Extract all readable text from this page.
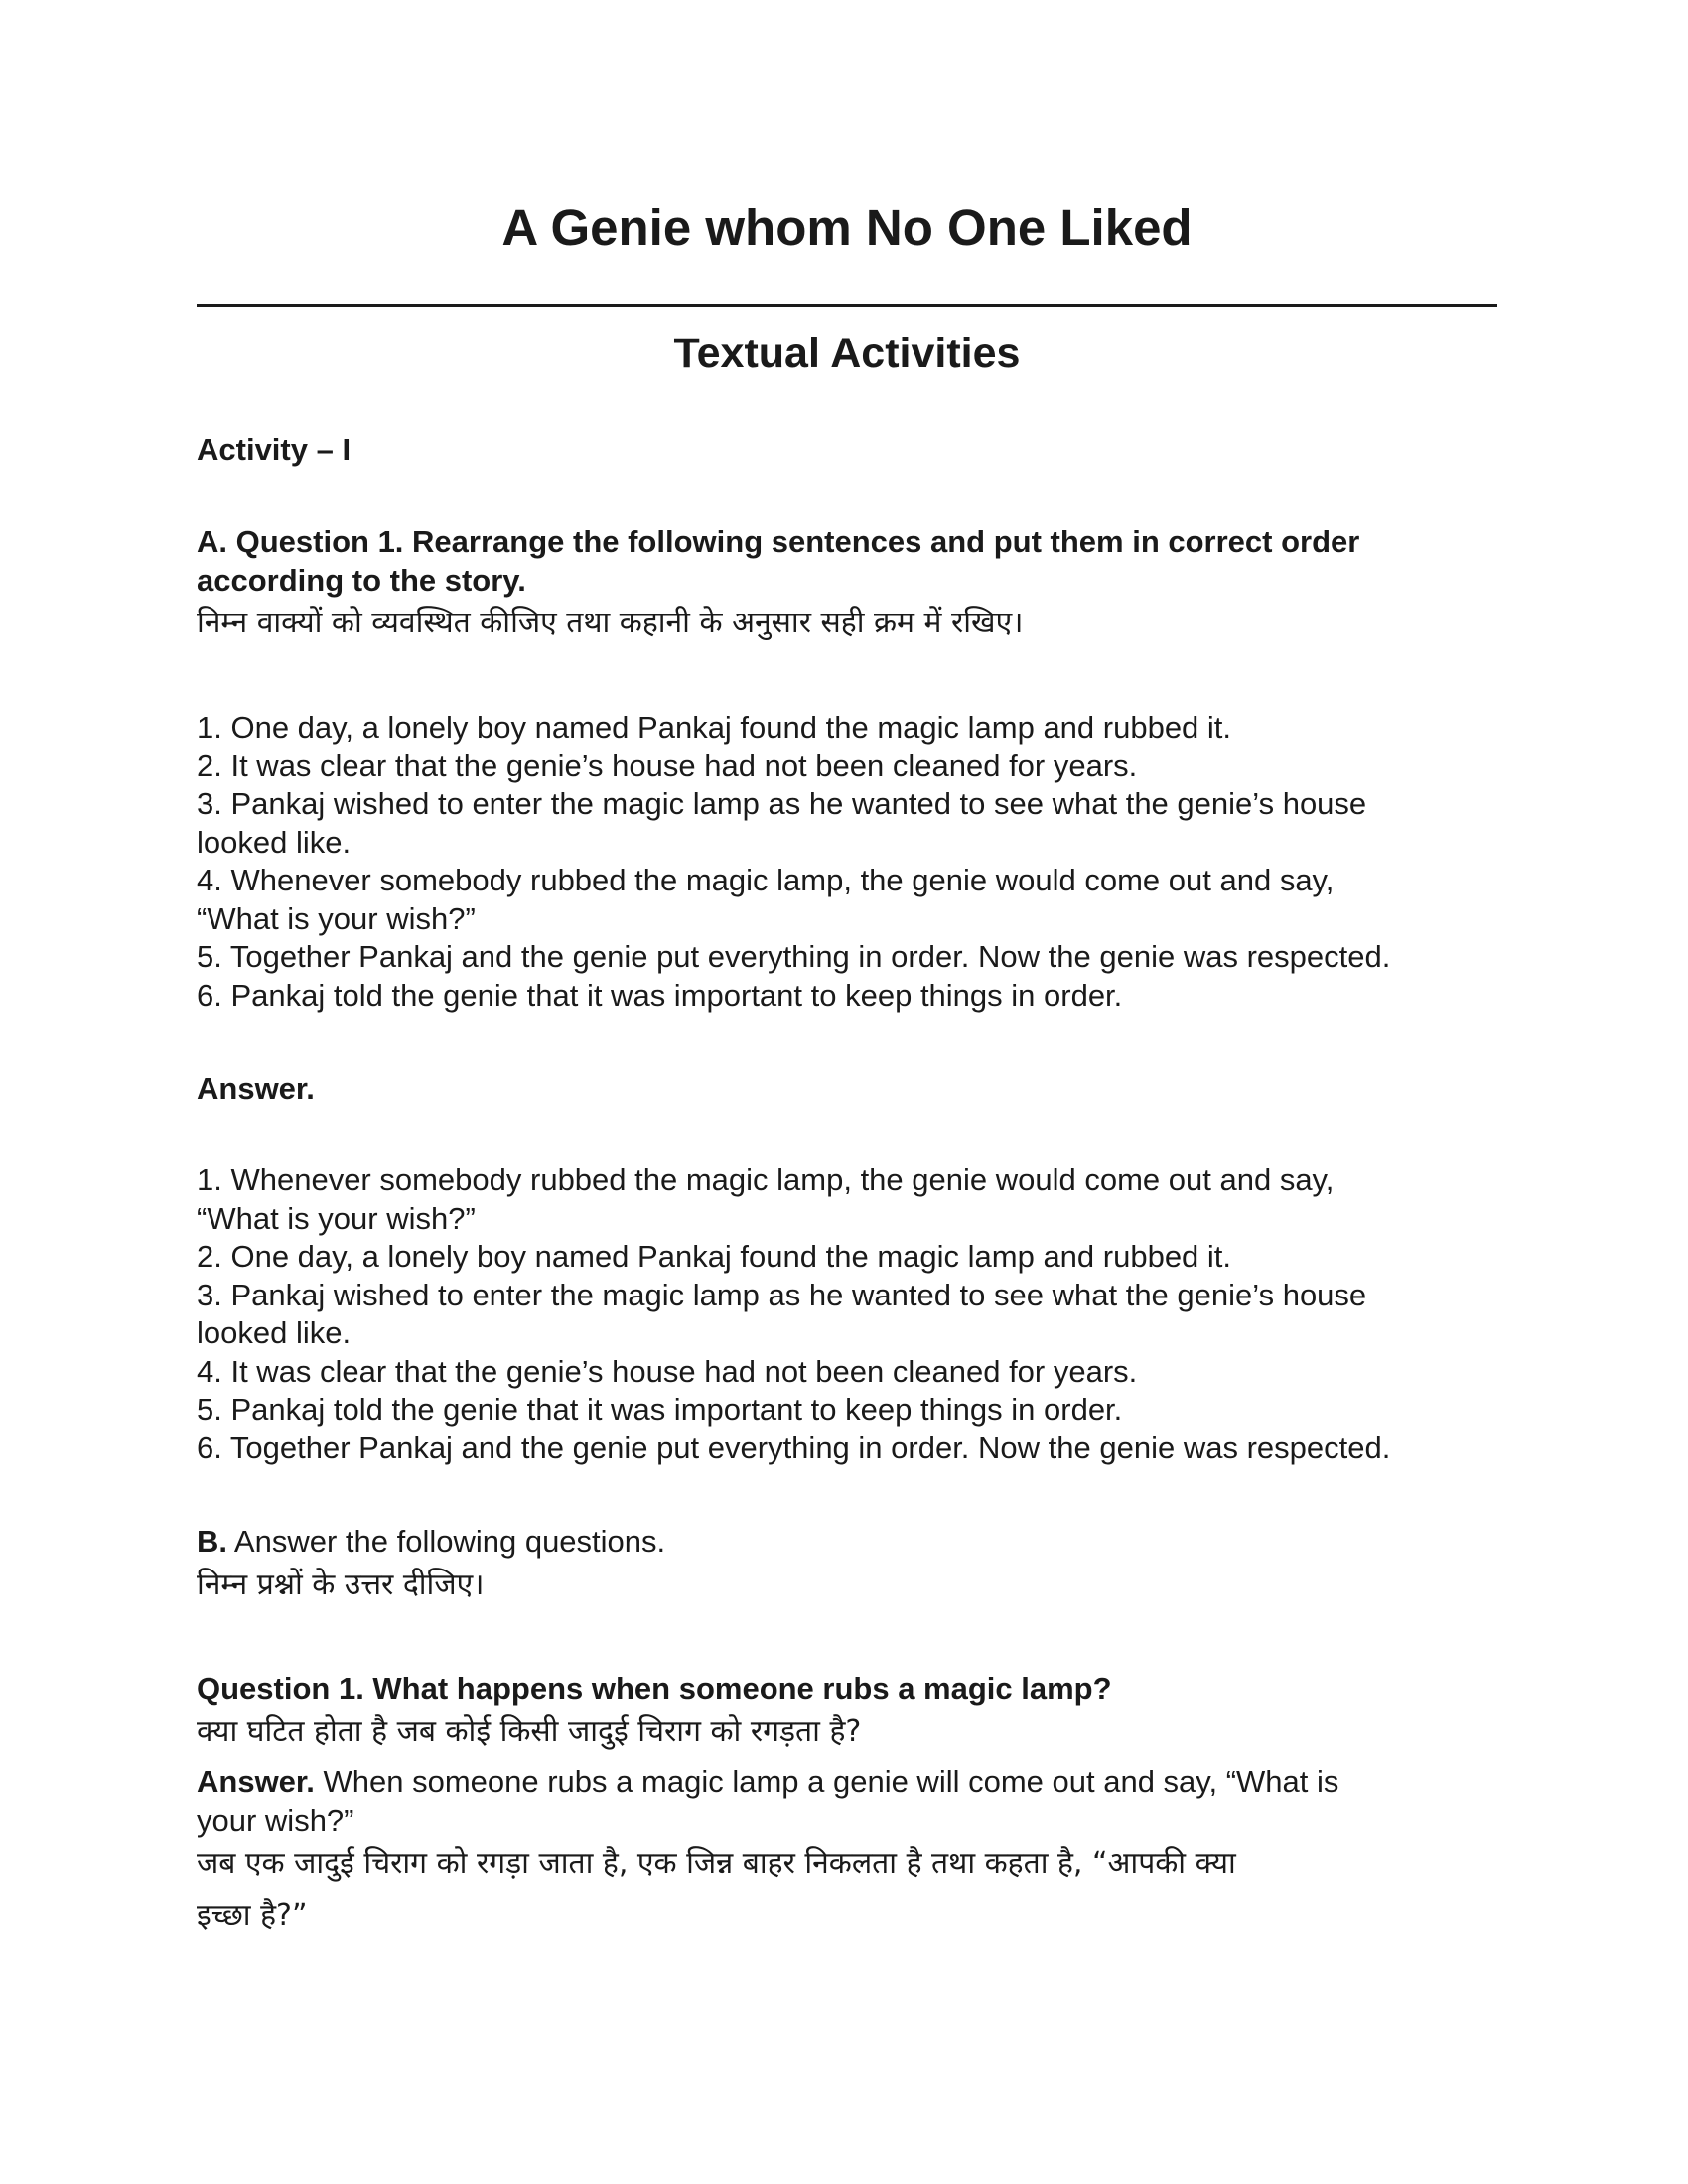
A Genie whom No One Liked
Textual Activities
Activity – I
A. Question 1. Rearrange the following sentences and put them in correct order
according to the story.
निम्न वाक्यों को व्यवस्थित कीजिए तथा कहानी के अनुसार सही क्रम में रखिए।
1. One day, a lonely boy named Pankaj found the magic lamp and rubbed it.
2. It was clear that the genie’s house had not been cleaned for years.
3. Pankaj wished to enter the magic lamp as he wanted to see what the genie’s house
looked like.
4. Whenever somebody rubbed the magic lamp, the genie would come out and say,
“What is your wish?”
5. Together Pankaj and the genie put everything in order. Now the genie was respected.
6. Pankaj told the genie that it was important to keep things in order.
Answer.
1. Whenever somebody rubbed the magic lamp, the genie would come out and say,
“What is your wish?”
2. One day, a lonely boy named Pankaj found the magic lamp and rubbed it.
3. Pankaj wished to enter the magic lamp as he wanted to see what the genie’s house
looked like.
4. It was clear that the genie’s house had not been cleaned for years.
5. Pankaj told the genie that it was important to keep things in order.
6. Together Pankaj and the genie put everything in order. Now the genie was respected.
B. Answer the following questions.
निम्न प्रश्नों के उत्तर दीजिए।
Question 1. What happens when someone rubs a magic lamp?
क्या घटित होता है जब कोई किसी जादुई चिराग को रगड़ता है?
Answer. When someone rubs a magic lamp a genie will come out and say, “What is
your wish?”
जब एक जादुई चिराग को रगड़ा जाता है, एक जिन्न बाहर निकलता है तथा कहता है, “आपकी क्या
इच्छा है?”
